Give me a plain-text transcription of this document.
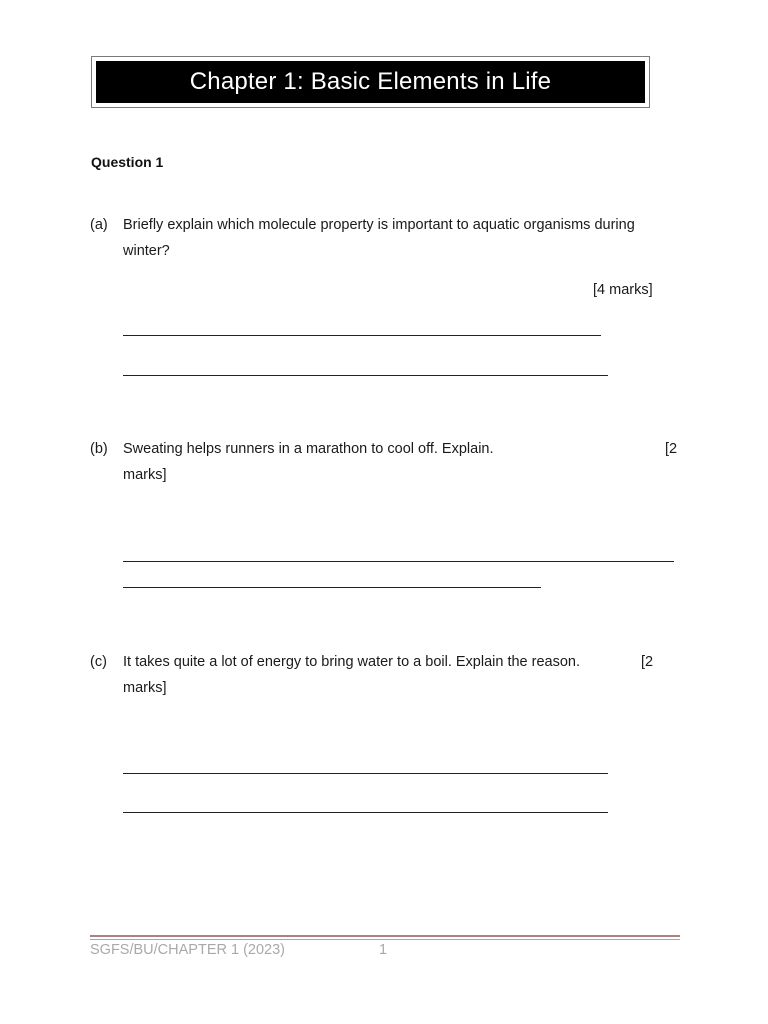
Chapter 1: Basic Elements in Life
Question 1
(a) Briefly explain which molecule property is important to aquatic organisms during
winter?
[4 marks]
(b) Sweating helps runners in a marathon to cool off. Explain.
marks]
[2
(c) It takes quite a lot of energy to bring water to a boil. Explain the reason.
marks]
[2
SGFS/BU/CHAPTER 1 (2023)	1
